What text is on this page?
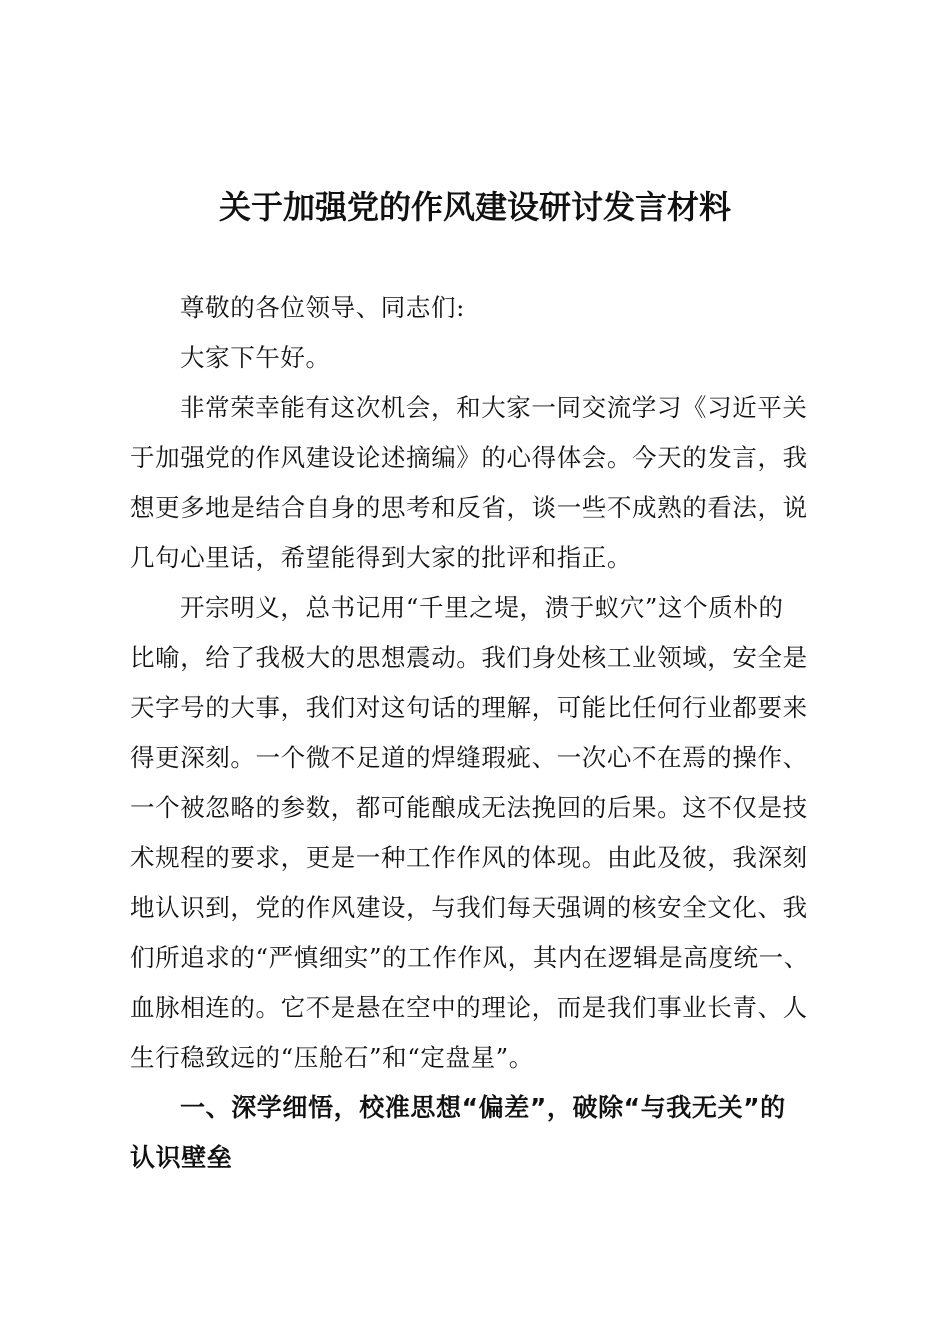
关于加强党的作风建设研讨发言材料
尊敬的各位领导、同志们:
大家下午好。
非常荣幸能有这次机会，和大家一同交流学习《习近平关
于加强党的作风建设论述摘编》的心得体会。今天的发言，我
想更多地是结合自身的思考和反省，谈一些不成熟的看法，说
几句心里话，希望能得到大家的批评和指正。
开宗明义，总书记用“千里之堤，溃于蚁穴”这个质朴的
比喻，给了我极大的思想震动。我们身处核工业领域，安全是
天字号的大事，我们对这句话的理解，可能比任何行业都要来
得更深刻。一个微不足道的焊缝瑕疵、一次心不在焉的操作、
一个被忽略的参数，都可能酿成无法挽回的后果。这不仅是技
术规程的要求，更是一种工作作风的体现。由此及彼，我深刻
地认识到，党的作风建设，与我们每天强调的核安全文化、我
们所追求的“严慎细实”的工作作风，其内在逻辑是高度统一、
血脉相连的。它不是悬在空中的理论，而是我们事业长青、人
生行稳致远的“压舱石”和“定盘星”。
一、深学细悟，校准思想“偏差”，破除“与我无关”的
认识壁垒
